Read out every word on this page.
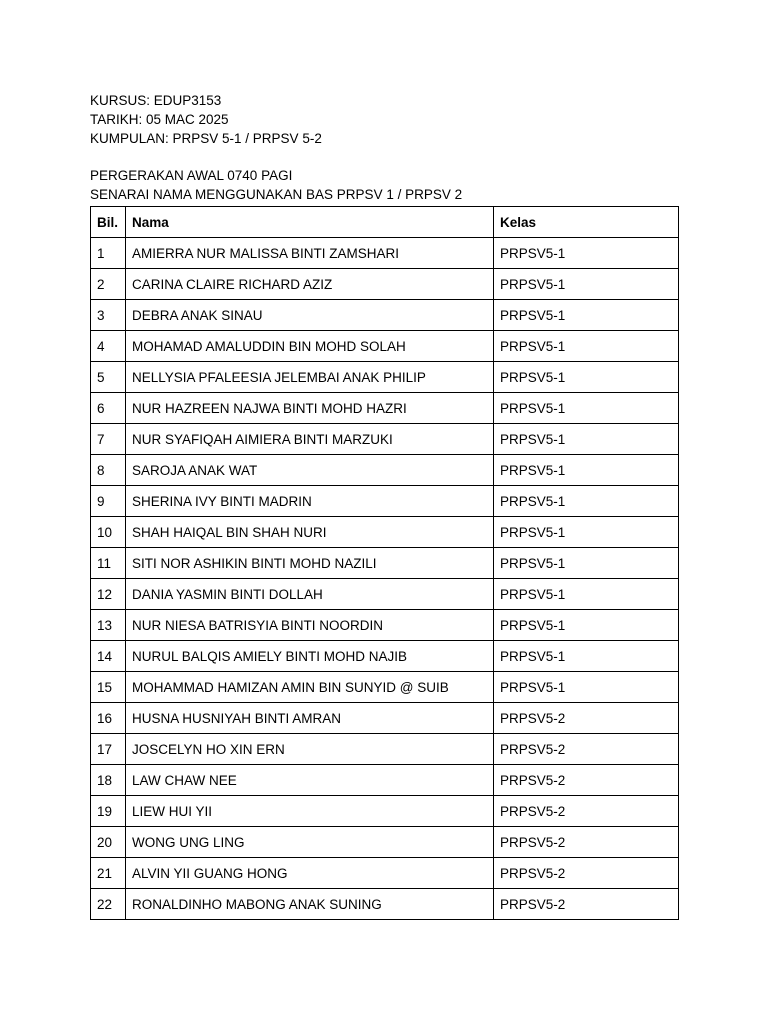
KURSUS: EDUP3153
TARIKH: 05 MAC 2025
KUMPULAN: PRPSV 5-1 / PRPSV 5-2
PERGERAKAN AWAL 0740 PAGI
SENARAI NAMA MENGGUNAKAN BAS PRPSV 1 / PRPSV 2
Bil.	Nama	Kelas
1	AMIERRA NUR MALISSA BINTI ZAMSHARI	PRPSV5-1
2	CARINA CLAIRE RICHARD AZIZ	PRPSV5-1
3	DEBRA ANAK SINAU	PRPSV5-1
4	MOHAMAD AMALUDDIN BIN MOHD SOLAH	PRPSV5-1
5	NELLYSIA PFALEESIA JELEMBAI ANAK PHILIP	PRPSV5-1
6	NUR HAZREEN NAJWA BINTI MOHD HAZRI	PRPSV5-1
7	NUR SYAFIQAH AIMIERA BINTI MARZUKI	PRPSV5-1
8	SAROJA ANAK WAT	PRPSV5-1
9	SHERINA IVY BINTI MADRIN	PRPSV5-1
10	SHAH HAIQAL BIN SHAH NURI	PRPSV5-1
11	SITI NOR ASHIKIN BINTI MOHD NAZILI	PRPSV5-1
12	DANIA YASMIN BINTI DOLLAH	PRPSV5-1
13	NUR NIESA BATRISYIA BINTI NOORDIN	PRPSV5-1
14	NURUL BALQIS AMIELY BINTI MOHD NAJIB	PRPSV5-1
15	MOHAMMAD HAMIZAN AMIN BIN SUNYID @ SUIB	PRPSV5-1
16	HUSNA HUSNIYAH BINTI AMRAN	PRPSV5-2
17	JOSCELYN HO XIN ERN	PRPSV5-2
18	LAW CHAW NEE	PRPSV5-2
19	LIEW HUI YII	PRPSV5-2
20	WONG UNG LING	PRPSV5-2
21	ALVIN YII GUANG HONG	PRPSV5-2
22	RONALDINHO MABONG ANAK SUNING	PRPSV5-2
